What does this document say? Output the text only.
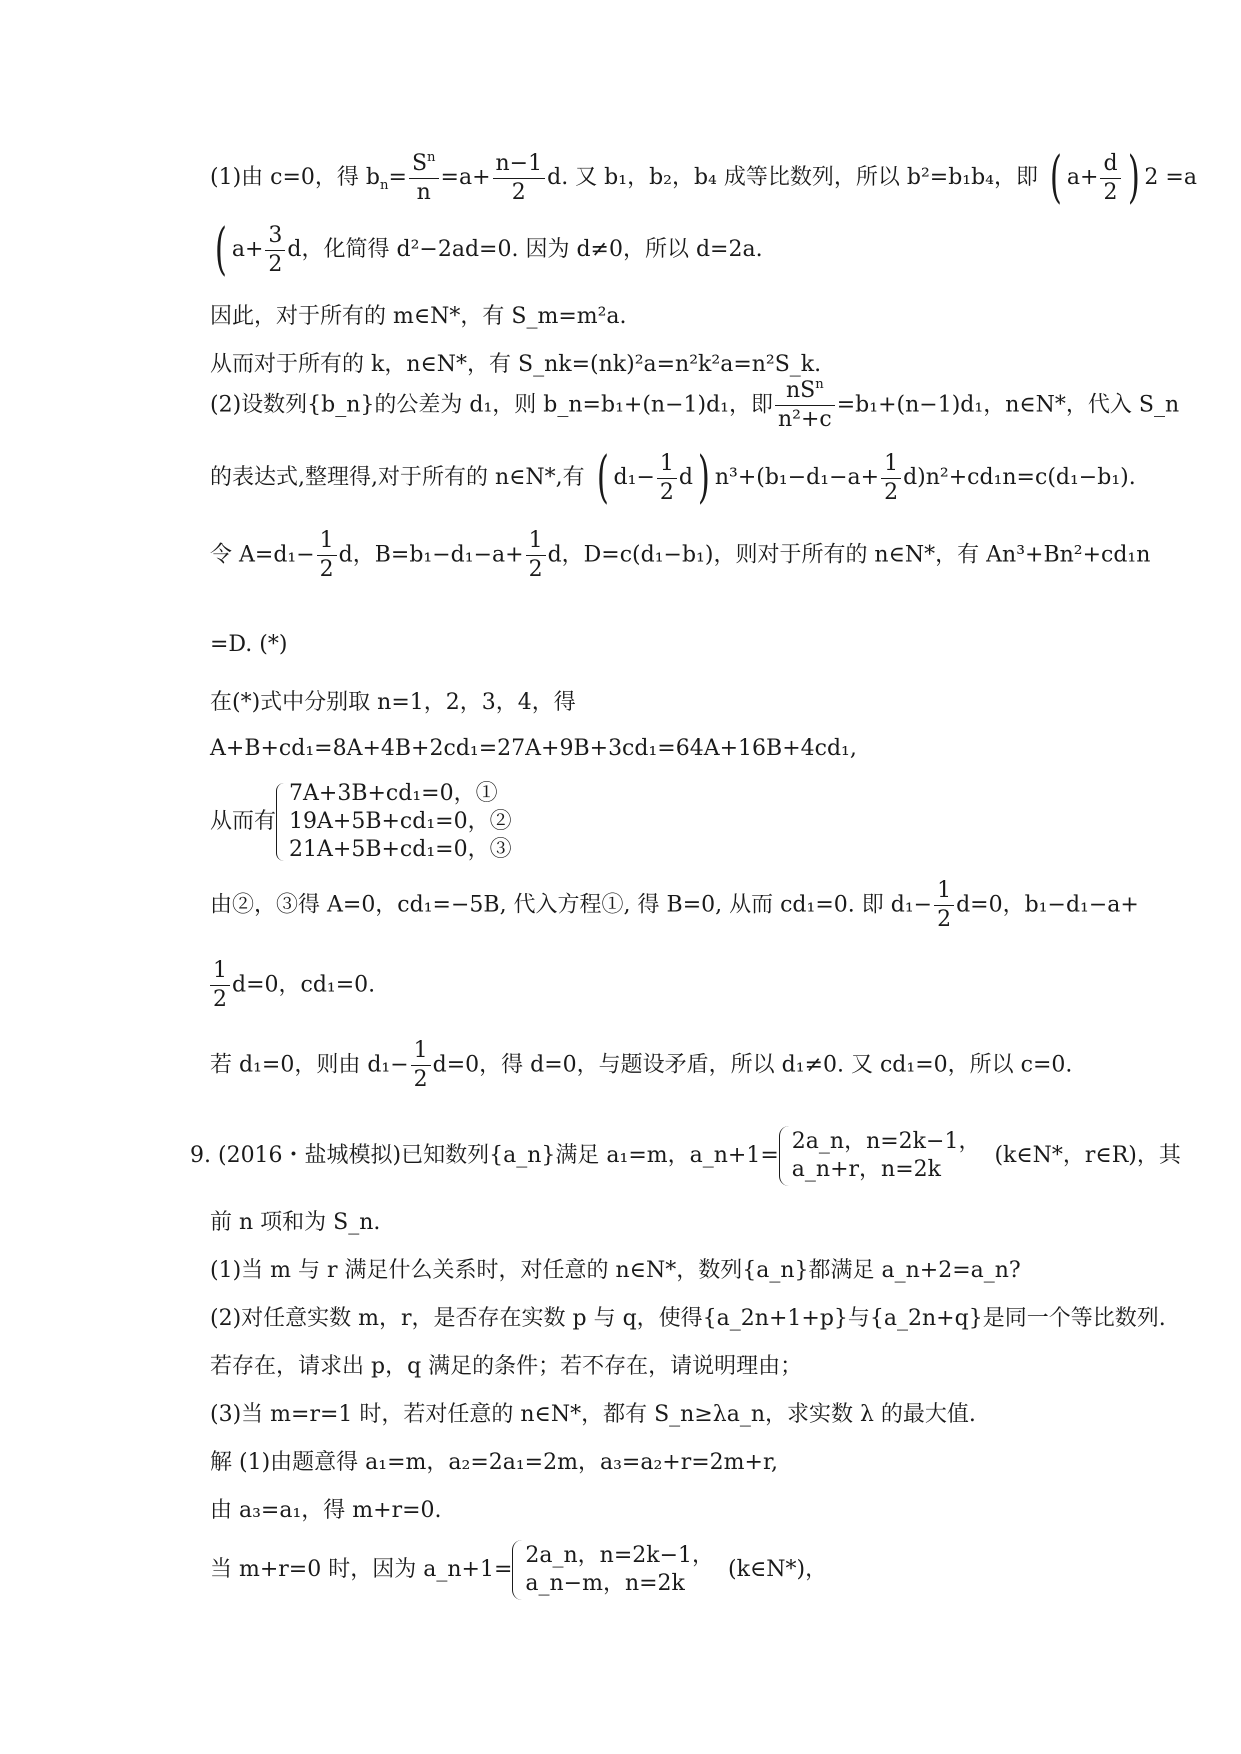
(1)由 c=0，得 $b_n= \frac{S^n}{n} =a+ \frac{n-1}{2} d$. 又 b₁，b₂，b₄ 成等比数列，所以 b²=b₁b₄，即 ( $a+ \frac{d}{2}$ ) 2 =a
( $a+ \frac{3}{2}$ d，化简得 d²−2ad=0. 因为 d≠0，所以 d=2a.
因此，对于所有的 m∈N*，有 S_m=m²a.
从而对于所有的 k，n∈N*，有 S_nk=(nk)²a=n²k²a=n²S_k.
(2)设数列{b_n}的公差为 d₁，则 b_n=b₁+(n−1)d₁，即 $\frac{nS^n}{\text{n²+c}} =b_1+(n-1)d_1$，n∈N*，代入 S_n
的表达式,整理得,对于所有的 n∈N*,有 ( $d_1- \frac{1}{2} d$) $n^3+(b_1-d_1-a+ \frac{1}{2} d)n^2+cd_1n=c(d_1-b_1)$.
令 $A=d_1- \frac{1}{2}$ d，$B=b_1-d_1-a+ \frac{1}{2}$ d，D=c(d₁−b₁)，则对于所有的 n∈N*，有 An³+Bn²+cd₁n
=D. (*)
在(*)式中分别取 n=1，2，3，4，得
A+B+cd₁=8A+4B+2cd₁=27A+9B+3cd₁=64A+16B+4cd₁,
从而有
7A+3B+cd₁=0，①
19A+5B+cd₁=0，②
21A+5B+cd₁=0，③
由②，③得 A=0，cd₁=−5B, 代入方程①, 得 B=0, 从而 cd₁=0. 即 $d_1- \frac{1}{2} d=0$，b₁−d₁−a+
$\frac{1}{2} d=0$，cd₁=0.
若 d₁=0，则由 $d_1- \frac{1}{2} d=0$，得 d=0，与题设矛盾，所以 d₁≠0. 又 cd₁=0，所以 c=0.
9. (2016・盐城模拟)已知数列{a_n}满足 a₁=m，a_n+1=
2a_n，n=2k−1，
a_n+r，n=2k
(k∈N*，r∈R)，其
前 n 项和为 S_n.
(1)当 m 与 r 满足什么关系时，对任意的 n∈N*，数列{a_n}都满足 a_n+2=a_n?
(2)对任意实数 m，r，是否存在实数 p 与 q，使得{a_2n+1+p}与{a_2n+q}是同一个等比数列.
若存在，请求出 p，q 满足的条件；若不存在，请说明理由；
(3)当 m=r=1 时，若对任意的 n∈N*，都有 S_n≥λa_n，求实数 λ 的最大值.
解 (1)由题意得 a₁=m，a₂=2a₁=2m，a₃=a₂+r=2m+r,
由 a₃=a₁，得 m+r=0.
当 m+r=0 时，因为 a_n+1=
2a_n，n=2k−1，
a_n−m，n=2k
(k∈N*)，
